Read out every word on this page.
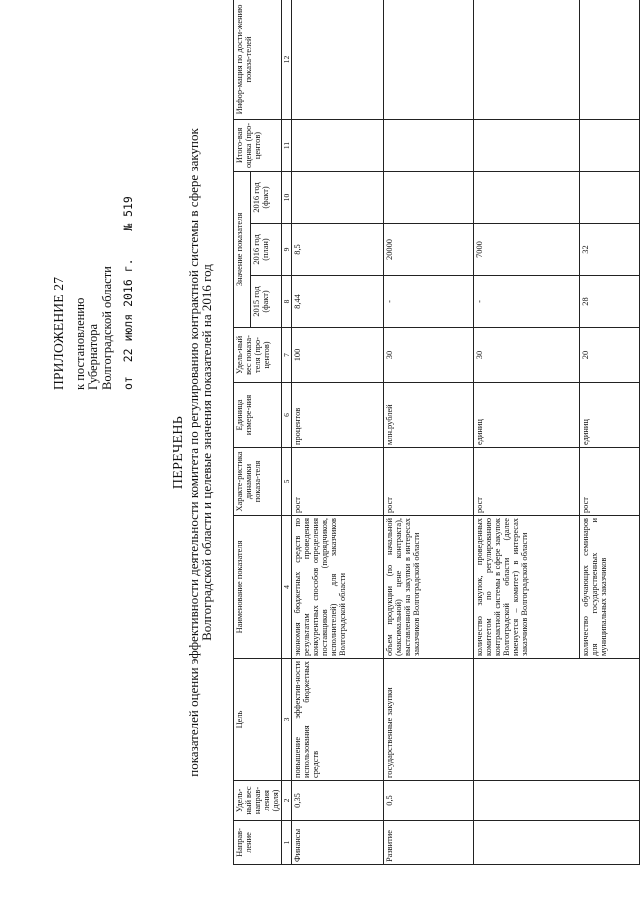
ПРИЛОЖЕНИЕ 27 к постановлению Губернатора Волгоградской области от  22 июля 2016 г.    № 519
ПЕРЕЧЕНЬ показателей оценки эффективности деятельности комитета по регулированию контрактной системы в сфере закупок
Волгоградской области и целевые значения показателей на 2016 год
Направ-ление	Удель-ный вес направ-ления (доля)	Цель	Наименование показателя	Характе-ристика динамики показа-теля	Единица измере-ния	Удель-ный вес показа-теля (про-центов)	Значение показателя			Итого-вая оценка (про-центов)	Инфор-мация по дости-жению показа-телей
							2015 год (факт)	2016 год (план)	2016 год (факт)		
1	2	3	4	5	6	7	8	9	10	11	12
Финансы	0,35	повышение эффектив-ности использования бюджетных средств	экономия бюджетных средств по результатам проведения конкурентных способов определения поставщиков (подрядчиков, исполнителей) для заказчиков Волгоградской области	рост	процентов	100	8,44	8,5			
Развитие	0,5	государственные закупки	объем продукции (по начальной (максимальной) цене контракта), выставленной на закупки в интересах заказчиков Волгоградской области	рост	млн.рублей	30	-	20000			
			количество закупок, проведенных комитетом по регулированию контрактной системы в сфере закупок Волгоградской области (далее именуется – комитет) в интересах заказчиков Волгоградской области	рост	единиц	30	-	7000			
			количество обучающих семинаров для государственных и муниципальных заказчиков	рост	единиц	20	28	32			
